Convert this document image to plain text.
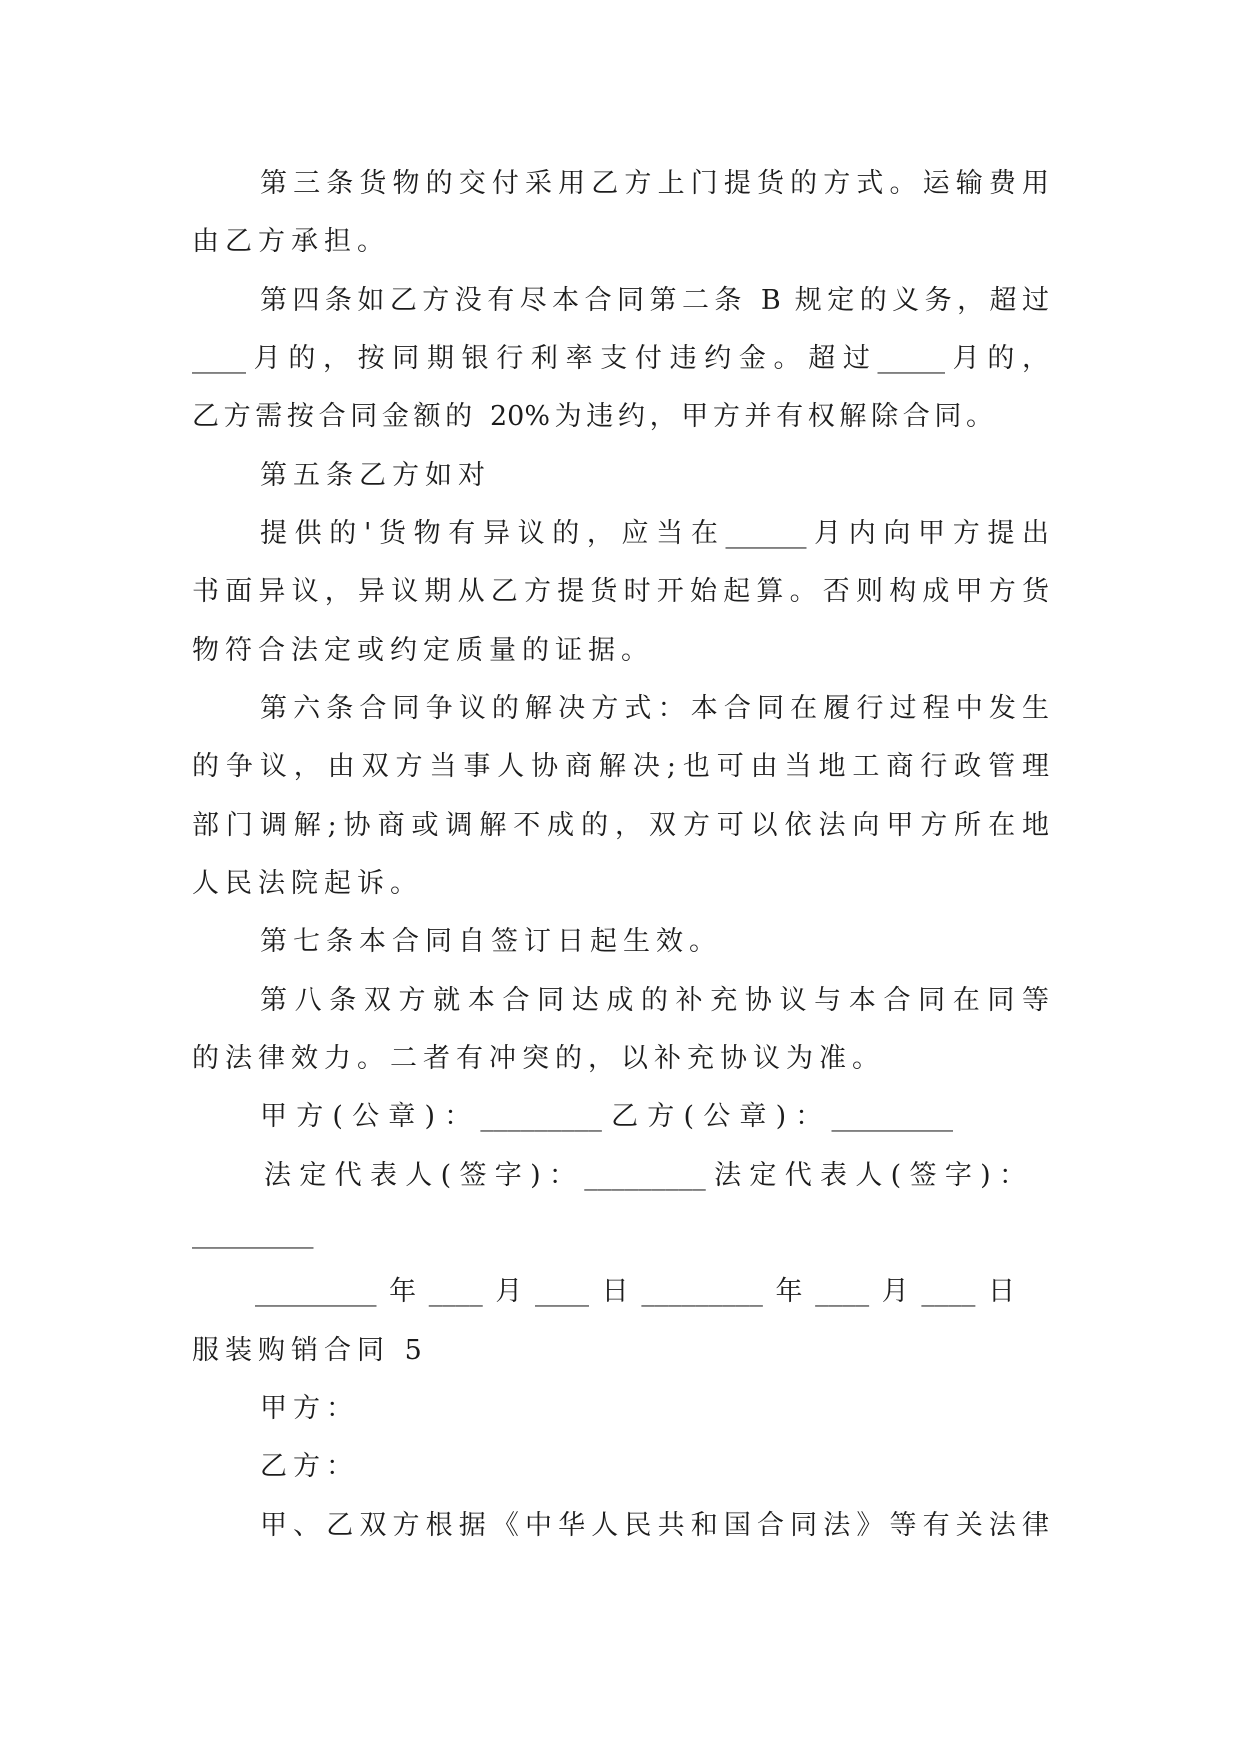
第三条货物的交付采用乙方上门提货的方式。运输费用
由乙方承担。
第四条如乙方没有尽本合同第二条 B 规定的义务，超过
____月的，按同期银行利率支付违约金。超过_____月的，
乙方需按合同金额的 20%为违约，甲方并有权解除合同。
第五条乙方如对
提供的'货物有异议的，应当在______月内向甲方提出
书面异议，异议期从乙方提货时开始起算。否则构成甲方货
物符合法定或约定质量的证据。
第六条合同争议的解决方式：本合同在履行过程中发生
的争议，由双方当事人协商解决;也可由当地工商行政管理
部门调解;协商或调解不成的，双方可以依法向甲方所在地
人民法院起诉。
第七条本合同自签订日起生效。
第八条双方就本合同达成的补充协议与本合同在同等
的法律效力。二者有冲突的，以补充协议为准。
甲方(公章)：_________乙方(公章)：_________
法定代表人(签字)：_________法定代表人(签字)：
_________
_________年____月____日_________年____月____日
服装购销合同 5
甲方：
乙方：
甲、乙双方根据《中华人民共和国合同法》等有关法律
